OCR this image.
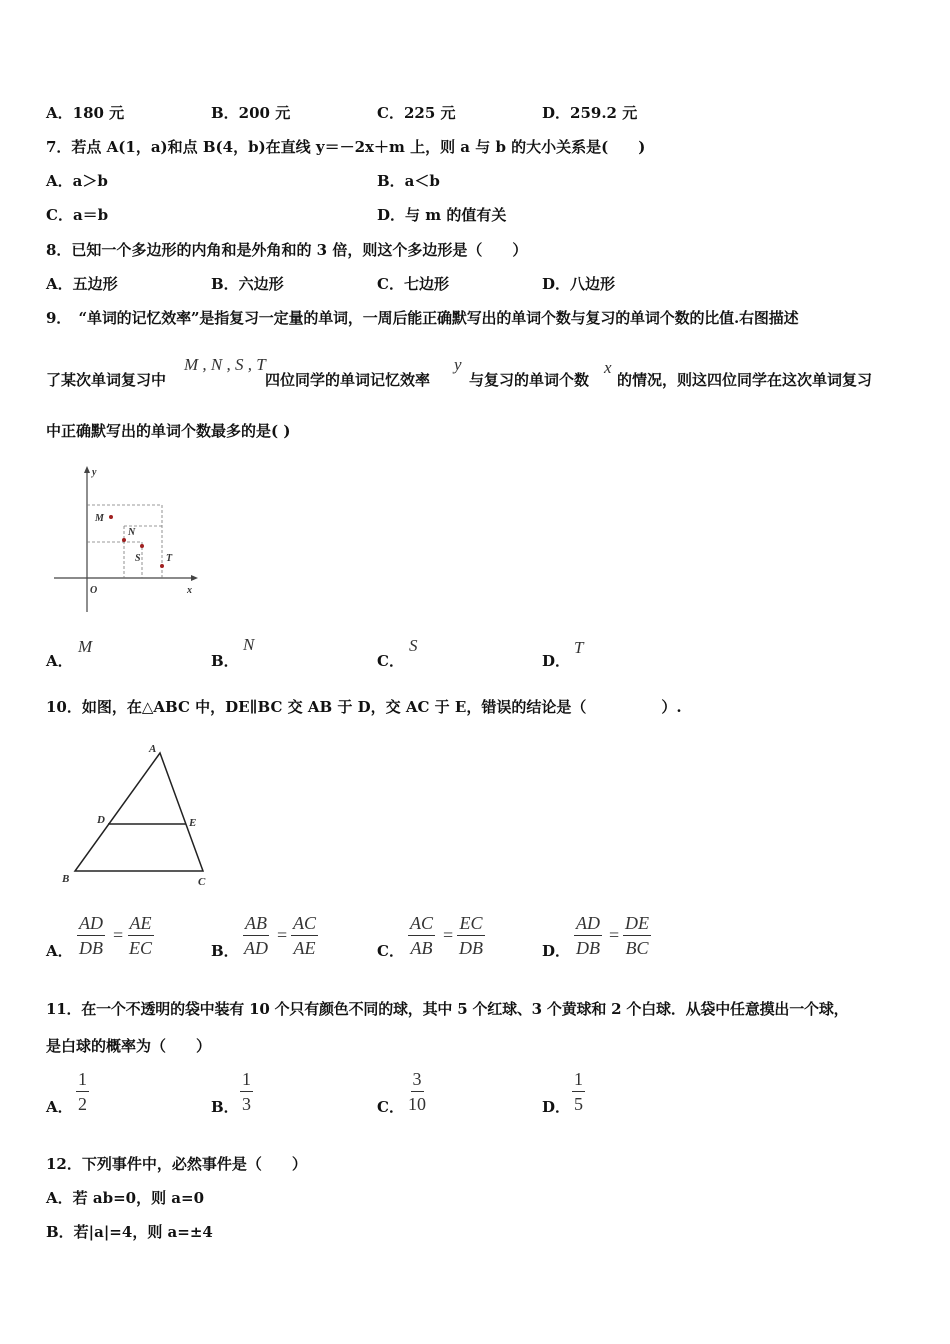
A．180 元	B．200 元	C．225 元	D．259.2 元
7．若点 A(1，a)和点 B(4，b)在直线 y＝－2x＋m 上，则 a 与 b 的大小关系是(　　)
A．a＞b	B．a＜b
C．a＝b	D．与 m 的值有关
8．已知一个多边形的内角和是外角和的 3 倍，则这个多边形是（　　）
A．五边形	B．六边形	C．七边形	D．八边形
9．　“单词的记忆效率”是指复习一定量的单词，一周后能正确默写出的单词个数与复习的单词个数的比值.右图描述
了某次单词复习中
M , N , S , T
四位同学的单词记忆效率
y
与复习的单词个数
x
的情况，则这四位同学在这次单词复习
中正确默写出的单词个数最多的是( )
y
x
O
M
N
S	T
A．
M
B．
N
C．
S
D．
T
10．如图，在△ABC 中，DE∥BC 交 AB 于 D，交 AC 于 E，错误的结论是（　　　　　）.
A
B	C
D	E
A． $\frac{AD}{DB} = \frac{AE}{EC}$	B． $\frac{AB}{AD} = \frac{AC}{AE}$	C． $\frac{AC}{AB} = \frac{EC}{DB}$	D． $\frac{AD}{DB} = \frac{DE}{BC}$
11．在一个不透明的袋中装有 10 个只有颜色不同的球，其中 5 个红球、3 个黄球和 2 个白球．从袋中任意摸出一个球，
是白球的概率为（　　）
A． $\frac{1}{2}$	B． $\frac{1}{3}$	C． $\frac{3}{10}$	D． $\frac{1}{5}$
12．下列事件中，必然事件是（　　）
A．若 ab=0，则 a=0
B．若|a|=4，则 a=±4
